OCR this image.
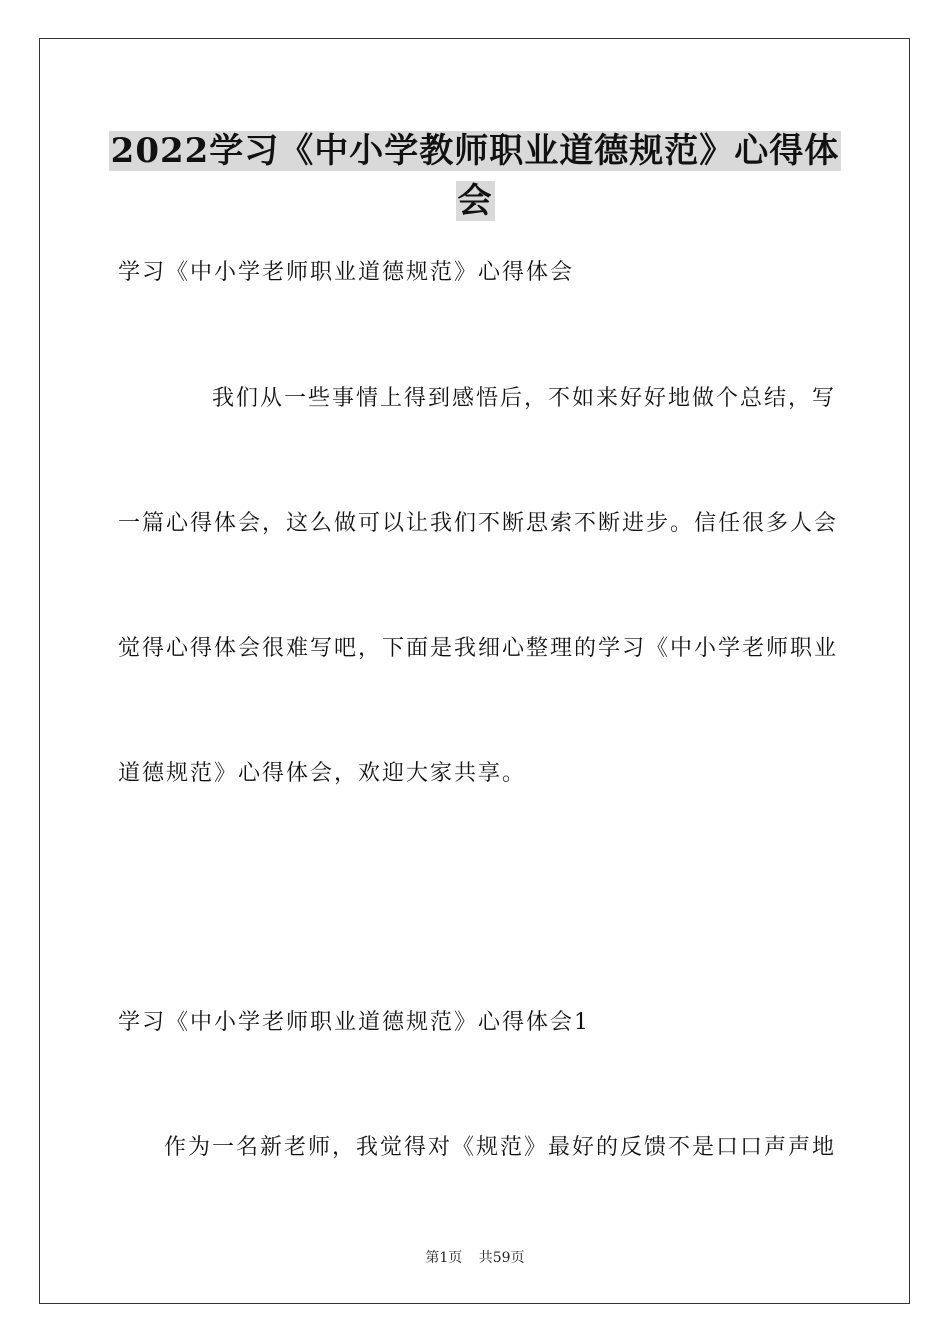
2022学习《中小学教师职业道德规范》心得体
会
学习《中小学老师职业道德规范》心得体会
我们从一些事情上得到感悟后，不如来好好地做个总结，写
一篇心得体会，这么做可以让我们不断思索不断进步。信任很多人会
觉得心得体会很难写吧，下面是我细心整理的学习《中小学老师职业
道德规范》心得体会，欢迎大家共享。
学习《中小学老师职业道德规范》心得体会1
作为一名新老师，我觉得对《规范》最好的反馈不是口口声声地
第1页 共59页
